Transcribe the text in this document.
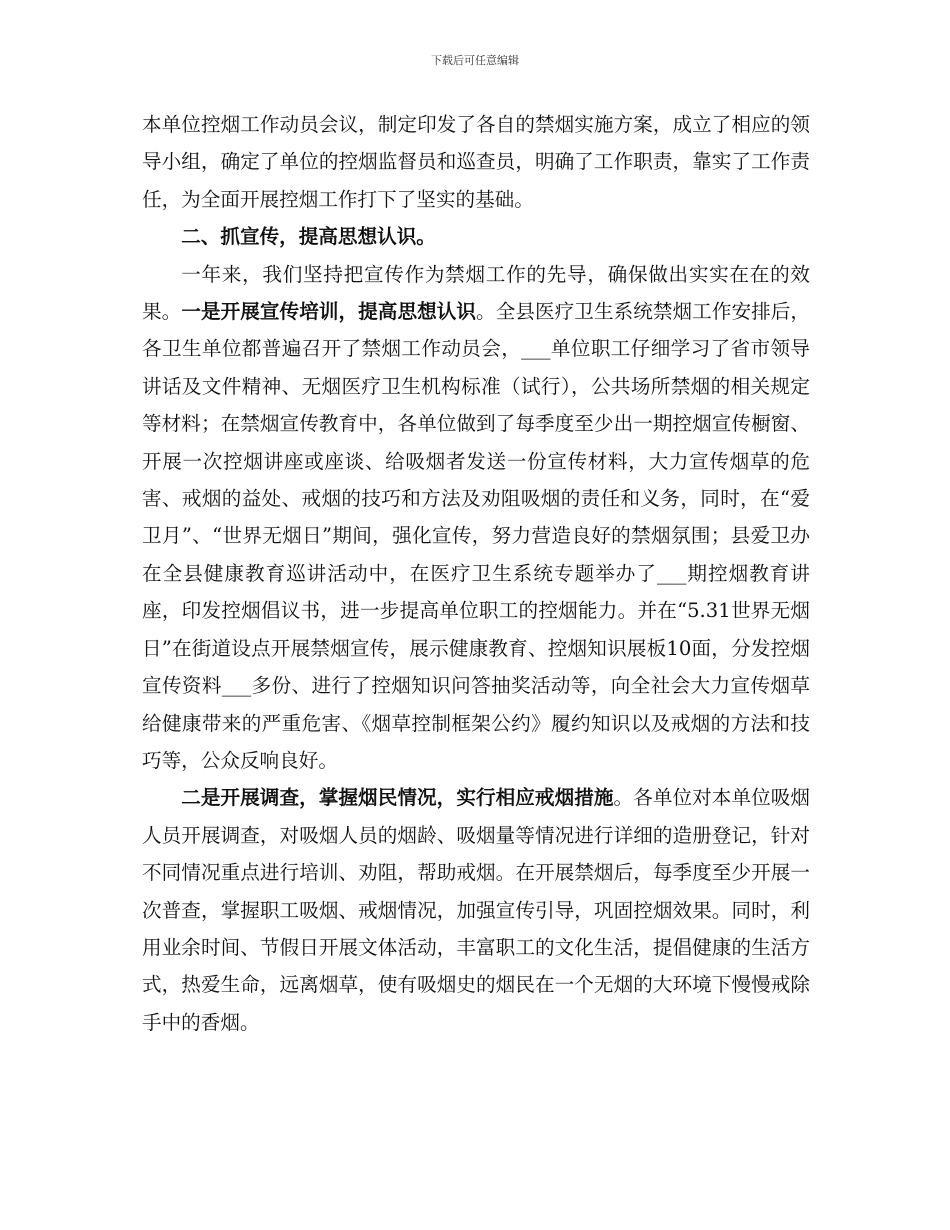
下载后可任意编辑

本单位控烟工作动员会议，制定印发了各自的禁烟实施方案，成立了相应的领导小组，确定了单位的控烟监督员和巡查员，明确了工作职责，靠实了工作责任，为全面开展控烟工作打下了坚实的基础。

二、抓宣传，提高思想认识。

一年来，我们坚持把宣传作为禁烟工作的先导，确保做出实实在在的效果。一是开展宣传培训，提高思想认识。全县医疗卫生系统禁烟工作安排后，各卫生单位都普遍召开了禁烟工作动员会，___单位职工仔细学习了省市领导讲话及文件精神、无烟医疗卫生机构标准（试行），公共场所禁烟的相关规定等材料；在禁烟宣传教育中，各单位做到了每季度至少出一期控烟宣传橱窗、开展一次控烟讲座或座谈、给吸烟者发送一份宣传材料，大力宣传烟草的危害、戒烟的益处、戒烟的技巧和方法及劝阻吸烟的责任和义务，同时，在“爱卫月”、“世界无烟日”期间，强化宣传，努力营造良好的禁烟氛围；县爱卫办在全县健康教育巡讲活动中，在医疗卫生系统专题举办了___期控烟教育讲座，印发控烟倡议书，进一步提高单位职工的控烟能力。并在“5.31世界无烟日”在街道设点开展禁烟宣传，展示健康教育、控烟知识展板10面，分发控烟宣传资料___多份、进行了控烟知识问答抽奖活动等，向全社会大力宣传烟草给健康带来的严重危害、《烟草控制框架公约》履约知识以及戒烟的方法和技巧等，公众反响良好。

二是开展调查，掌握烟民情况，实行相应戒烟措施。各单位对本单位吸烟人员开展调查，对吸烟人员的烟龄、吸烟量等情况进行详细的造册登记，针对不同情况重点进行培训、劝阻，帮助戒烟。在开展禁烟后，每季度至少开展一次普查，掌握职工吸烟、戒烟情况，加强宣传引导，巩固控烟效果。同时，利用业余时间、节假日开展文体活动，丰富职工的文化生活，提倡健康的生活方式，热爱生命，远离烟草，使有吸烟史的烟民在一个无烟的大环境下慢慢戒除手中的香烟。
